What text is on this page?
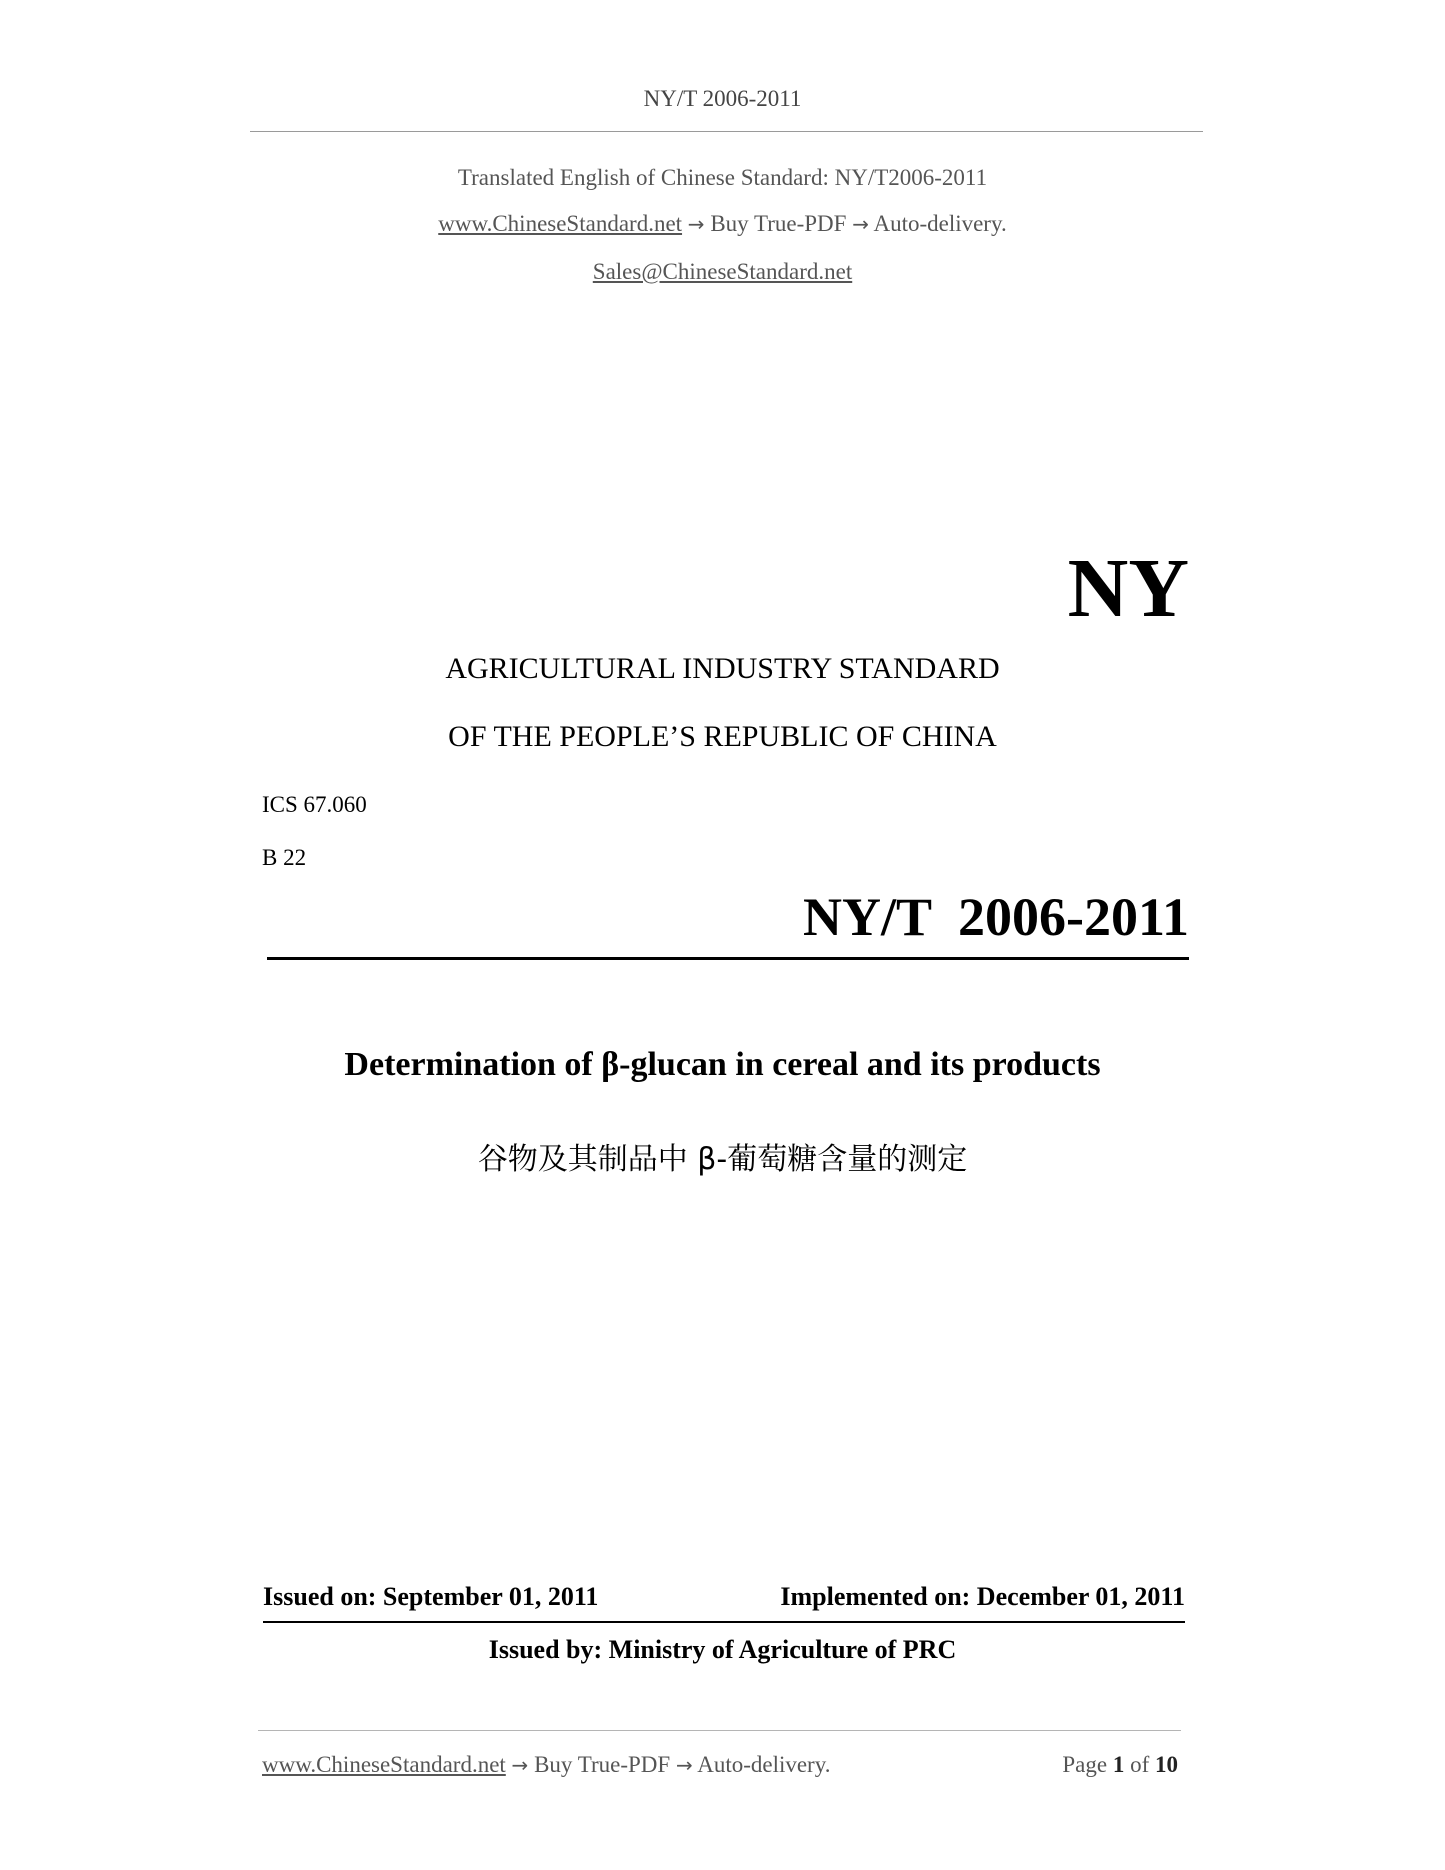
NY/T 2006-2011
Translated English of Chinese Standard: NY/T2006-2011
www.ChineseStandard.net → Buy True-PDF → Auto-delivery.
Sales@ChineseStandard.net
NY
AGRICULTURAL INDUSTRY STANDARD
OF THE PEOPLE’S REPUBLIC OF CHINA
ICS 67.060
B 22
NY/T  2006-2011
Determination of β-glucan in cereal and its products
谷物及其制品中 β-葡萄糖含量的测定
Issued on: September 01, 2011	Implemented on: December 01, 2011
Issued by: Ministry of Agriculture of PRC
www.ChineseStandard.net → Buy True-PDF → Auto-delivery.	Page 1 of 10
